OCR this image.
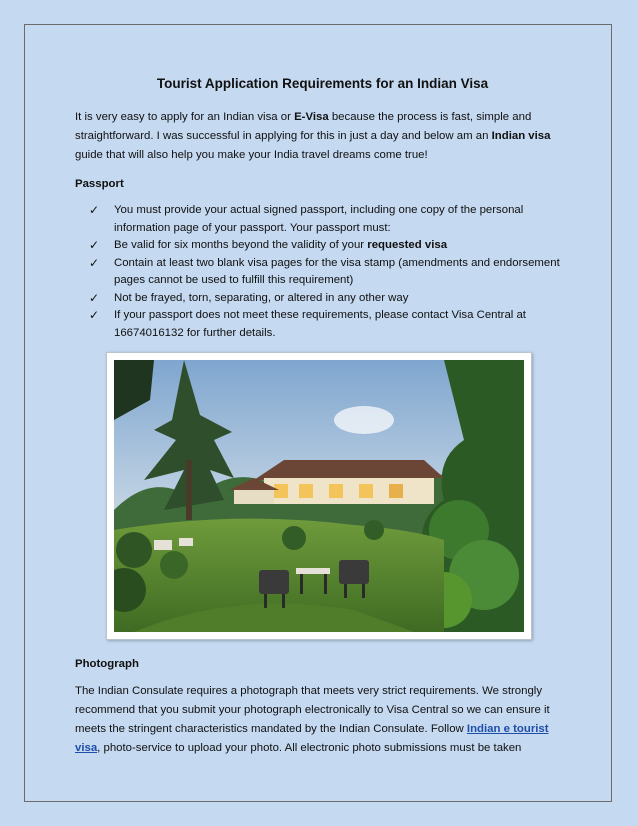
Tourist Application Requirements for an Indian Visa

It is very easy to apply for an Indian visa or E-Visa because the process is fast, simple and straightforward. I was successful in applying for this in just a day and below am an Indian visa guide that will also help you make your India travel dreams come true!

Passport
✓ You must provide your actual signed passport, including one copy of the personal information page of your passport. Your passport must:
✓ Be valid for six months beyond the validity of your requested visa
✓ Contain at least two blank visa pages for the visa stamp (amendments and endorsement pages cannot be used to fulfill this requirement)
✓ Not be frayed, torn, separating, or altered in any other way
✓ If your passport does not meet these requirements, please contact Visa Central at 16674016132 for further details.
Photograph

The Indian Consulate requires a photograph that meets very strict requirements. We strongly recommend that you submit your photograph electronically to Visa Central so we can ensure it meets the stringent characteristics mandated by the Indian Consulate. Follow Indian e tourist visa, photo-service to upload your photo. All electronic photo submissions must be taken
